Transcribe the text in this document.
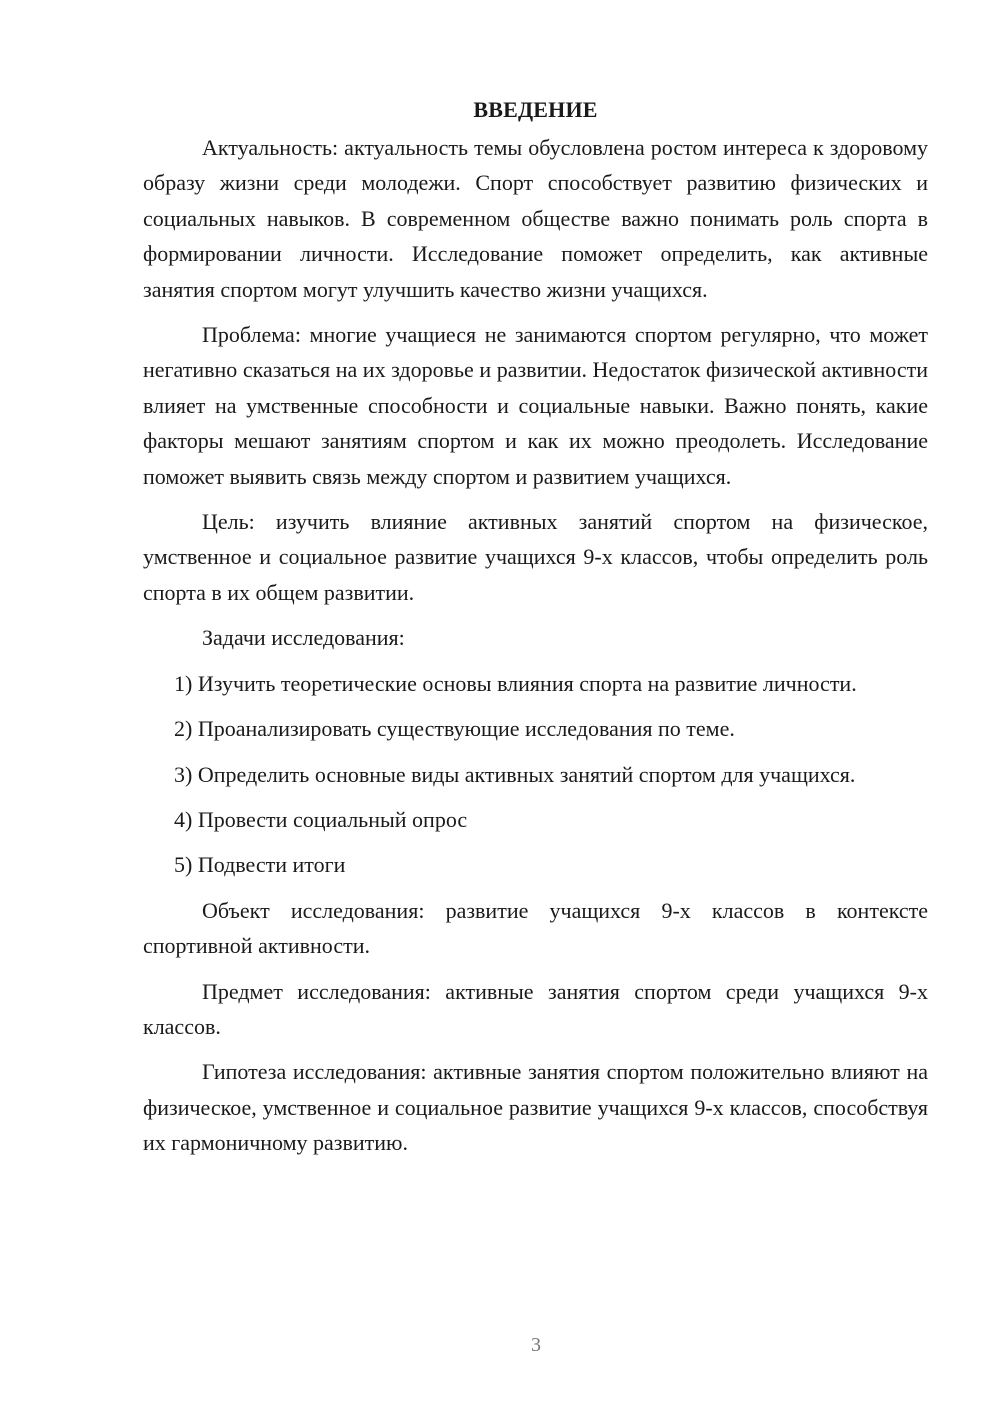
ВВЕДЕНИЕ

Актуальность: актуальность темы обусловлена ростом интереса к здоровому образу жизни среди молодежи. Спорт способствует развитию физических и социальных навыков. В современном обществе важно понимать роль спорта в формировании личности. Исследование поможет определить, как активные занятия спортом могут улучшить качество жизни учащихся.

Проблема: многие учащиеся не занимаются спортом регулярно, что может негативно сказаться на их здоровье и развитии. Недостаток физической активности влияет на умственные способности и социальные навыки. Важно понять, какие факторы мешают занятиям спортом и как их можно преодолеть. Исследование поможет выявить связь между спортом и развитием учащихся.

Цель: изучить влияние активных занятий спортом на физическое, умственное и социальное развитие учащихся 9-х классов, чтобы определить роль спорта в их общем развитии.

Задачи исследования:

1) Изучить теоретические основы влияния спорта на развитие личности.

2) Проанализировать существующие исследования по теме.

3) Определить основные виды активных занятий спортом для учащихся.

4) Провести социальный опрос

5) Подвести итоги

Объект исследования: развитие учащихся 9-х классов в контексте спортивной активности.

Предмет исследования: активные занятия спортом среди учащихся 9-х классов.

Гипотеза исследования: активные занятия спортом положительно влияют на физическое, умственное и социальное развитие учащихся 9-х классов, способствуя их гармоничному развитию.

3
